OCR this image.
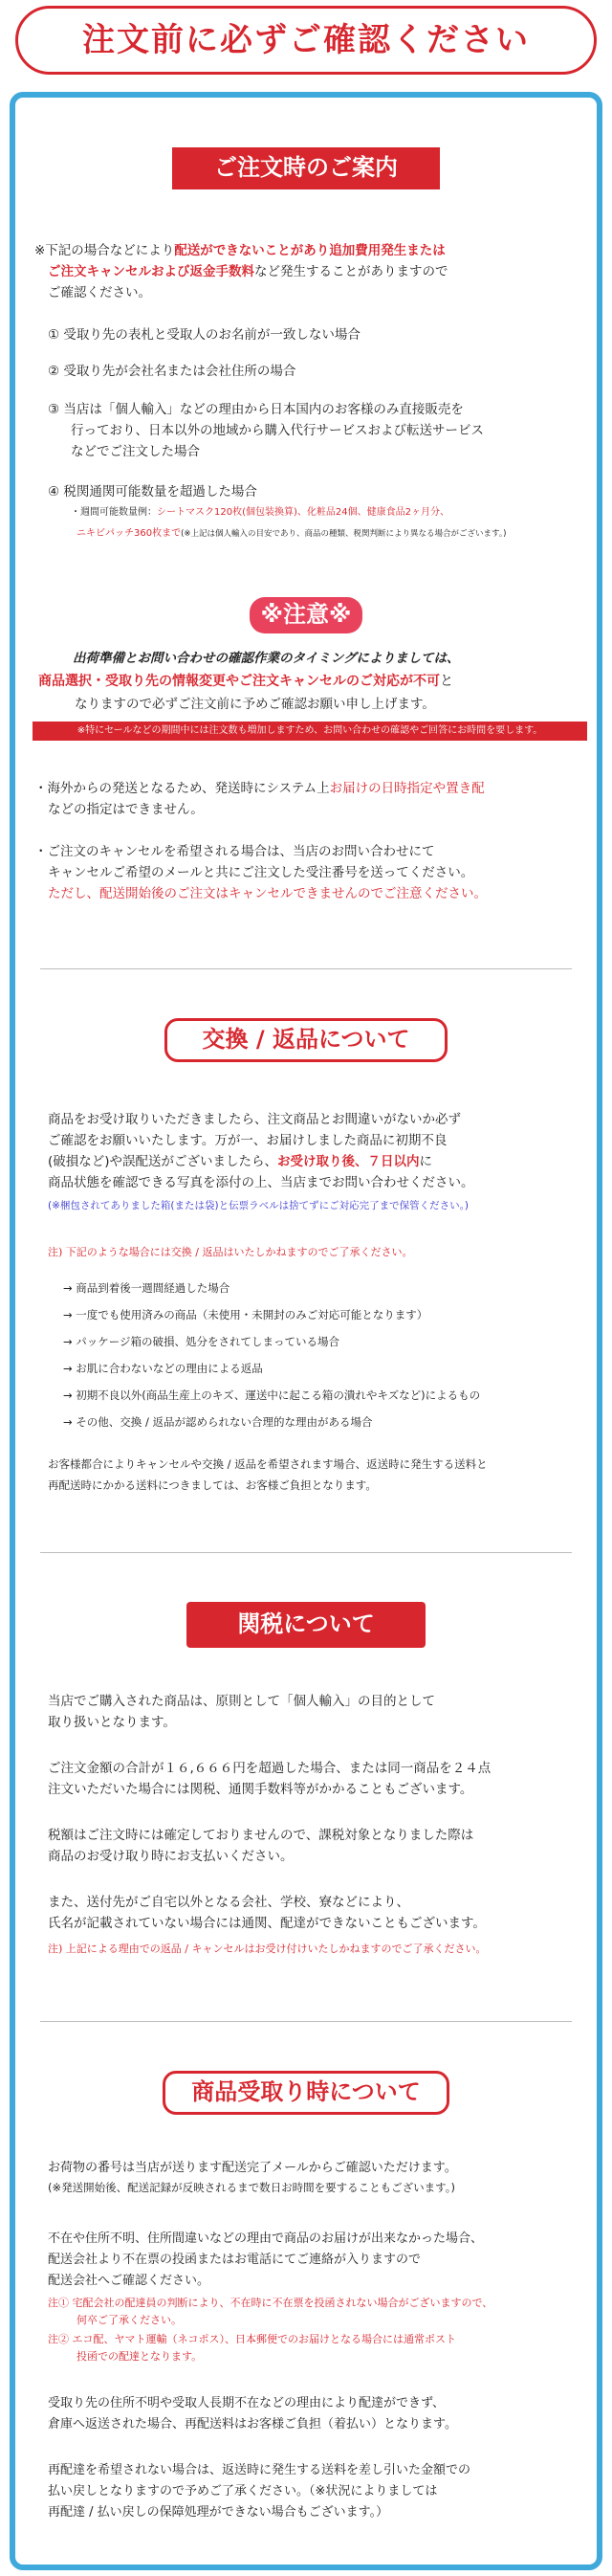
注文前に必ずご確認ください
ご注文時のご案内
※下記の場合などにより配送ができないことがあり追加費用発生または
ご注文キャンセルおよび返金手数料など発生することがありますので
ご確認ください。
① 受取り先の表札と受取人のお名前が一致しない場合
② 受取り先が会社名または会社住所の場合
③ 当店は「個人輸入」などの理由から日本国内のお客様のみ直接販売を
行っており、日本以外の地域から購入代行サービスおよび転送サービス
などでご注文した場合
④ 税関通関可能数量を超過した場合
・週間可能数量例：シートマスク120枚(個包装換算)、化粧品24個、健康食品2ヶ月分、
ニキビパッチ360枚まで(※上記は個人輸入の目安であり、商品の種類、税関判断により異なる場合がございます。)
※注意※
出荷準備とお問い合わせの確認作業のタイミングによりましては、
商品選択・受取り先の情報変更やご注文キャンセルのご対応が不可と
なりますので必ずご注文前に予めご確認お願い申し上げます。
※特にセールなどの期間中には注文数も増加しますため、お問い合わせの確認やご回答にお時間を要します。
・海外からの発送となるため、発送時にシステム上お届けの日時指定や置き配
などの指定はできません。
・ご注文のキャンセルを希望される場合は、当店のお問い合わせにて
キャンセルご希望のメールと共にご注文した受注番号を送ってください。
ただし、配送開始後のご注文はキャンセルできませんのでご注意ください。
交換 / 返品について
商品をお受け取りいただきましたら、注文商品とお間違いがないか必ず
ご確認をお願いいたします。万が一、お届けしました商品に初期不良
(破損など)や誤配送がございましたら、お受け取り後、７日以内に
商品状態を確認できる写真を添付の上、当店までお問い合わせください。
(※梱包されてありました箱(または袋)と伝票ラベルは捨てずにご対応完了まで保管ください。)
注) 下記のような場合には交換 / 返品はいたしかねますのでご了承ください。
→ 商品到着後一週間経過した場合
→ 一度でも使用済みの商品（未使用・未開封のみご対応可能となります）
→ パッケージ箱の破損、処分をされてしまっている場合
→ お肌に合わないなどの理由による返品
→ 初期不良以外(商品生産上のキズ、運送中に起こる箱の潰れやキズなど)によるもの
→ その他、交換 / 返品が認められない合理的な理由がある場合
お客様都合によりキャンセルや交換 / 返品を希望されます場合、返送時に発生する送料と
再配送時にかかる送料につきましては、お客様ご負担となります。
関税について
当店でご購入された商品は、原則として「個人輸入」の目的として
取り扱いとなります。
ご注文金額の合計が１６,６６６円を超過した場合、または同一商品を２４点
注文いただいた場合には関税、通関手数料等がかかることもございます。
税額はご注文時には確定しておりませんので、課税対象となりました際は
商品のお受け取り時にお支払いください。
また、送付先がご自宅以外となる会社、学校、寮などにより、
氏名が記載されていない場合には通関、配達ができないこともございます。
注) 上記による理由での返品 / キャンセルはお受け付けいたしかねますのでご了承ください。
商品受取り時について
お荷物の番号は当店が送ります配送完了メールからご確認いただけます。
(※発送開始後、配送記録が反映されるまで数日お時間を要することもございます。)
不在や住所不明、住所間違いなどの理由で商品のお届けが出来なかった場合、
配送会社より不在票の投函またはお電話にてご連絡が入りますので
配送会社へご確認ください。
注① 宅配会社の配達員の判断により、不在時に不在票を投函されない場合がございますので、
何卒ご了承ください。
注② エコ配、ヤマト運輸（ネコポス）、日本郵便でのお届けとなる場合には通常ポスト
投函での配達となります。
受取り先の住所不明や受取人長期不在などの理由により配達ができず、
倉庫へ返送された場合、再配送料はお客様ご負担（着払い）となります。
再配達を希望されない場合は、返送時に発生する送料を差し引いた金額での
払い戻しとなりますので予めご了承ください。（※状況によりましては
再配達 / 払い戻しの保障処理ができない場合もございます。）
